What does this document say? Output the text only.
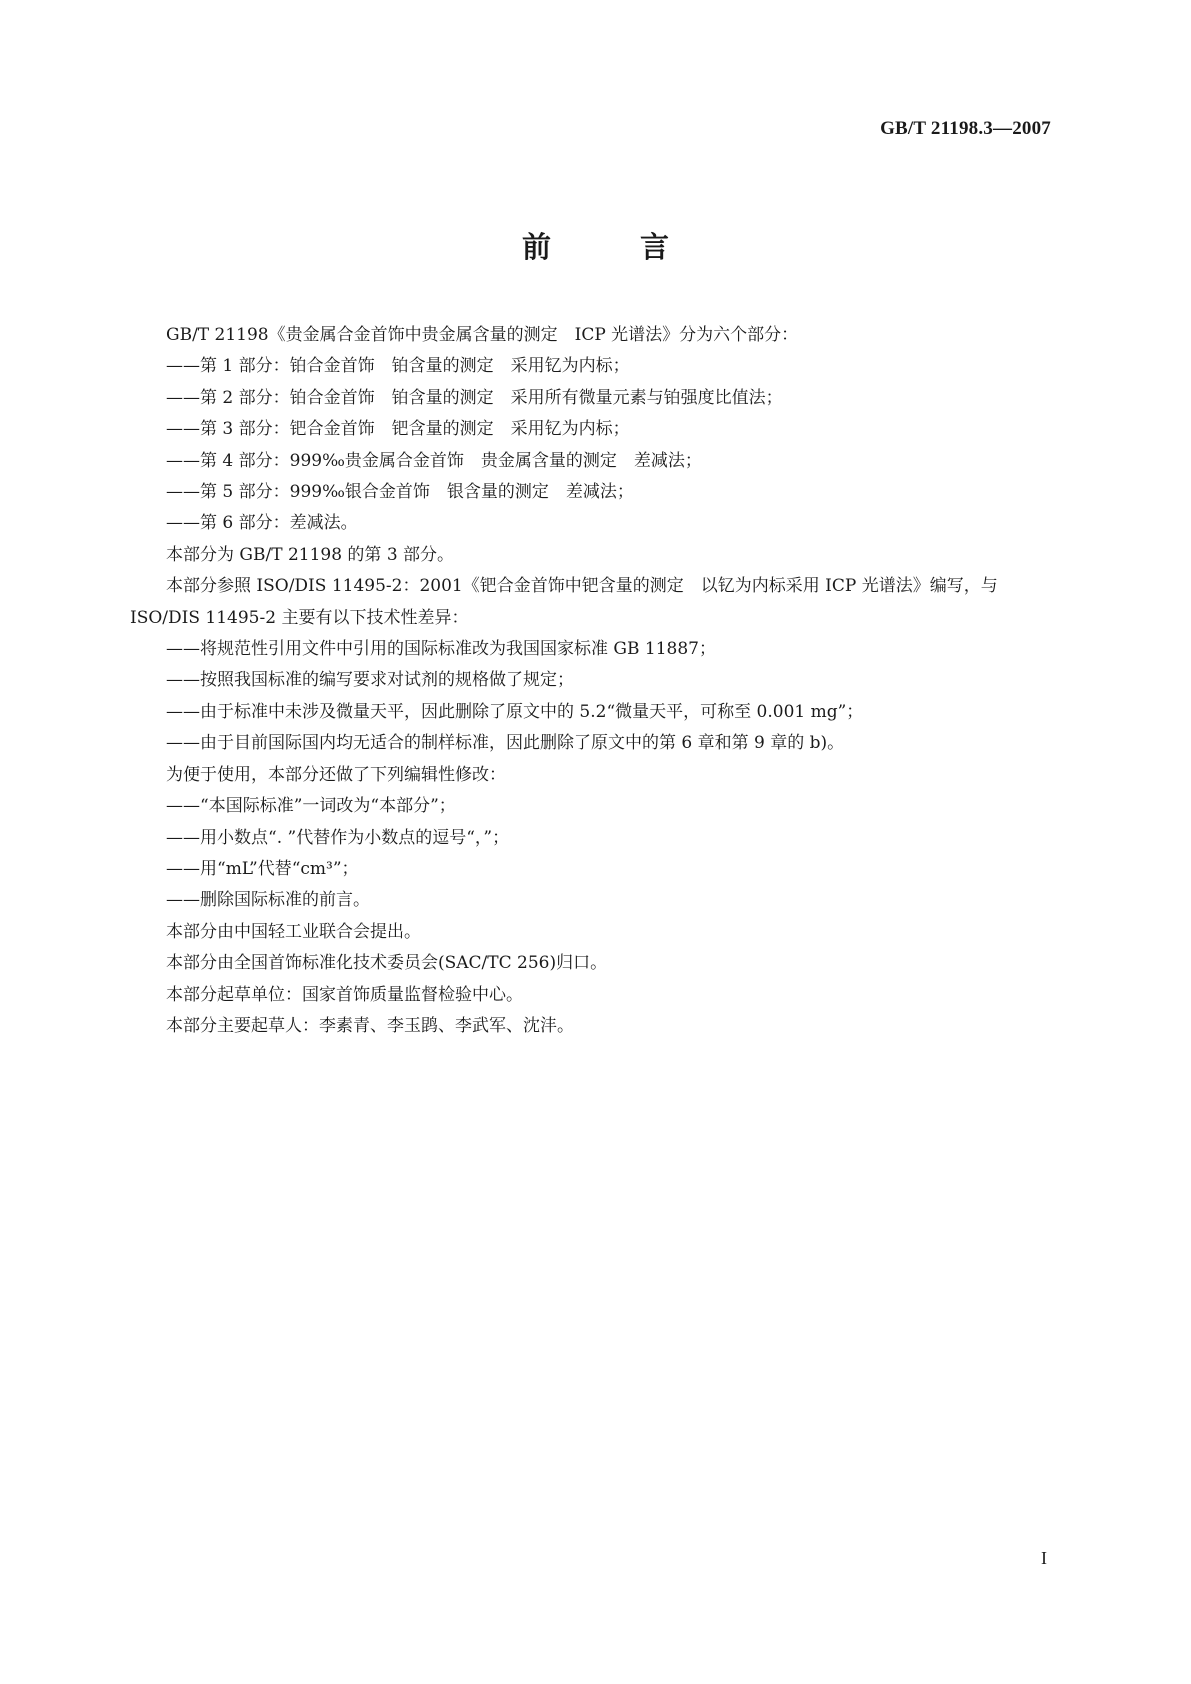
GB/T 21198.3—2007
前　言

GB/T 21198《贵金属合金首饰中贵金属含量的测定　ICP 光谱法》分为六个部分：

——第 1 部分：铂合金首饰　铂含量的测定　采用钇为内标；

——第 2 部分：铂合金首饰　铂含量的测定　采用所有微量元素与铂强度比值法；

——第 3 部分：钯合金首饰　钯含量的测定　采用钇为内标；

——第 4 部分：999‰贵金属合金首饰　贵金属含量的测定　差减法；

——第 5 部分：999‰银合金首饰　银含量的测定　差减法；

——第 6 部分：差减法。

本部分为 GB/T 21198 的第 3 部分。

本部分参照 ISO/DIS 11495-2：2001《钯合金首饰中钯含量的测定　以钇为内标采用 ICP 光谱法》编写，与 ISO/DIS 11495-2 主要有以下技术性差异：

——将规范性引用文件中引用的国际标准改为我国国家标准 GB 11887；

——按照我国标准的编写要求对试剂的规格做了规定；

——由于标准中未涉及微量天平，因此删除了原文中的 5.2“微量天平，可称至 0.001 mg”；

——由于目前国际国内均无适合的制样标准，因此删除了原文中的第 6 章和第 9 章的 b)。

为便于使用，本部分还做了下列编辑性修改：

——“本国际标准”一词改为“本部分”；

——用小数点“. ”代替作为小数点的逗号“，”；

——用“mL”代替“cm³”；

——删除国际标准的前言。

本部分由中国轻工业联合会提出。

本部分由全国首饰标准化技术委员会(SAC/TC 256)归口。

本部分起草单位：国家首饰质量监督检验中心。

本部分主要起草人：李素青、李玉鹍、李武军、沈沣。

I
